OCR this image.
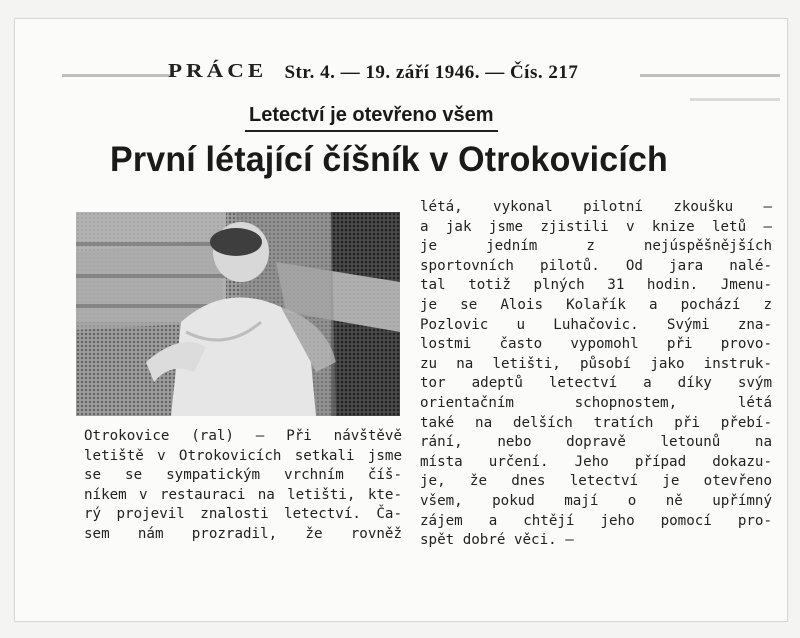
PRÁCE Str. 4. — 19. září 1946. — Čís. 217
Letectví je otevřeno všem
První létající číšník v Otrokovicích
Otrokovice (ral) — Při návštěvě
letiště v Otrokovicích setkali jsme
se se sympatickým vrchním číš-
níkem v restauraci na letišti, kte-
rý projevil znalosti letectví. Ča-
sem nám prozradil, že rovněž
létá, vykonal pilotní zkoušku —
a jak jsme zjistili v knize letů —
je jedním z nejúspěšnějších
sportovních pilotů. Od jara nalé-
tal totiž plných 31 hodin. Jmenu-
je se Alois Kolařík a pochází z
Pozlovic u Luhačovic. Svými zna-
lostmi často vypomohl při provo-
zu na letišti, působí jako instruk-
tor adeptů letectví a díky svým
orientačním schopnostem, létá
také na delších tratích při přebí-
rání, nebo dopravě letounů na
místa určení. Jeho případ dokazu-
je, že dnes letectví je otevřeno
všem, pokud mají o ně upřímný
zájem a chtějí jeho pomocí pro-
spět dobré věci. —
